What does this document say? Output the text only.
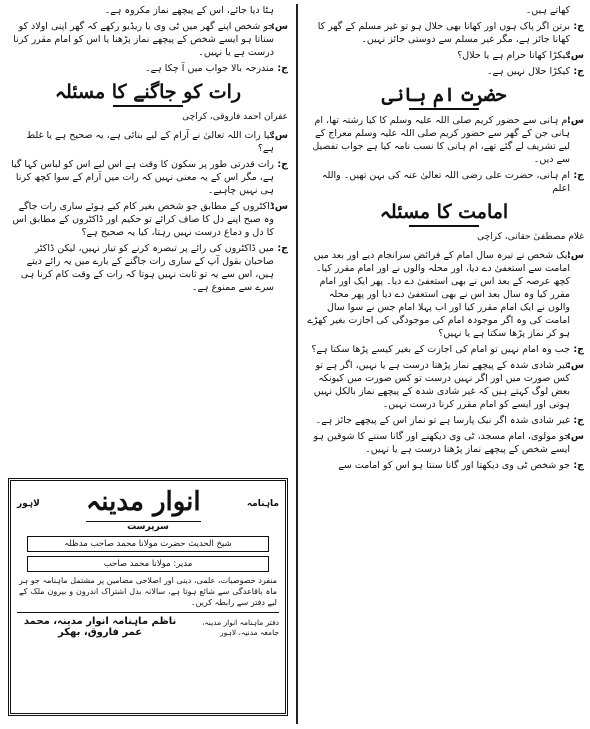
کھاتے ہیں۔
ج:
برتن اگر پاک ہوں اور کھانا بھی حلال ہو تو غیر مسلم کے گھر کا کھانا جائز ہے، مگر غیر مسلم سے دوستی جائز نہیں۔
س:
کیکڑا کھانا حرام ہے یا حلال؟
ج:
کیکڑا حلال نہیں ہے۔
حضرت ام ہانی
س:
ام ہانی سے حضور کریم صلی اللہ علیہ وسلم کا کیا رشتہ تھا، ام ہانی جن کے گھر سے حضور کریم صلی اللہ علیہ وسلم معراج کے لیے تشریف لے گئے تھے، ام ہانی کا نسب نامہ کیا ہے جواب تفصیل سے دیں۔
ج:
ام ہانی، حضرت علی رضی اللہ تعالیٰ عنہ کی بہن تھیں۔ واللہ اعلم
امامت کا مسئلہ
غلام مصطفیٰ حقانی، کراچی
س:
ایک شخص نے تیرہ سال امام کے فرائض سرانجام دیے اور بعد میں امامت سے استعفیٰ دے دیا، اور محلہ والوں نے اور امام مقرر کیا۔ کچھ عرصہ کے بعد اس نے بھی استعفیٰ دے دیا۔ پھر ایک اور امام مقرر کیا وہ سال بعد اس نے بھی استعفیٰ دے دیا اور پھر محلہ والوں نے ایک امام مقرر کیا اور اب پہلا امام جس نے سوا سال امامت کی وہ اگر موجودہ امام کی موجودگی کی اجازت بغیر کھڑے ہو کر نماز پڑھا سکتا ہے یا نہیں؟
ج:
جب وہ امام نہیں تو امام کی اجازت کے بغیر کیسے پڑھا سکتا ہے؟
س:
غیر شادی شدہ کے پیچھے نماز پڑھنا درست ہے یا نہیں، اگر ہے تو کس صورت میں اور اگر نہیں درست تو کس صورت میں کیونکہ بعض لوگ کہتے ہیں کہ غیر شادی شدہ کے پیچھے نماز بالکل نہیں ہوتی اور ایسے کو امام مقرر کرنا درست نہیں۔
ج:
غیر شادی شدہ اگر نیک پارسا ہے تو نماز اس کے پیچھے جائز ہے۔
س:
جو مولوی، امام مسجد، ٹی وی دیکھنے اور گانا سننے کا شوقین ہو ایسے شخص کے پیچھے نماز پڑھنا درست ہے یا نہیں۔
ج:
جو شخص ٹی وی دیکھتا اور گانا سنتا ہو اس کو امامت سے
ہٹا دیا جائے، اس کے پیچھے نماز مکروہ ہے۔
س:
جو شخص اپنے گھر میں ٹی وی یا ریڈیو رکھے کہ گھر اپنی اولاد کو سناتا ہو ایسے شخص کے پیچھے نماز پڑھنا یا اس کو امام مقرر کرنا درست ہے یا نہیں۔
ج:
مندرجہ بالا جواب میں آ چکا ہے۔
رات کو جاگنے کا مسئلہ
عفران احمد فاروقی، کراچی
س:
کیا رات اللہ تعالیٰ نے آرام کے لیے بنائی ہے، یہ صحیح ہے یا غلط ہے؟
ج:
رات قدرتی طور پر سکون کا وقت ہے اس لیے اس کو لباس کہا گیا ہے، مگر اس کے یہ معنی نہیں کہ رات میں آرام کے سوا کچھ کرنا ہی نہیں چاہیے۔
س:
ڈاکٹروں کے مطابق جو شخص بغیر کام کیے ہوئے ساری رات جاگے وہ صبح اپنے دل کا صاف کرائے تو حکیم اور ڈاکٹروں کے مطابق اس کا دل و دماغ درست نہیں رہتا، کیا یہ صحیح ہے؟
ج:
میں ڈاکٹروں کی رائے پر تبصرہ کرنے کو تیار نہیں، لیکن ڈاکٹر صاحبان بقول آپ کے ساری رات جاگنے کے بارے میں یہ رائے دیتے ہیں، اس سے یہ تو ثابت نہیں ہوتا کہ رات کے وقت کام کرنا ہی سرے سے ممنوع ہے۔
ماہنامہ
انوار مدینہ
لاہور
سرپرست
شیخ الحدیث حضرت مولانا محمد صاحب مدظلہ
مدیر: مولانا محمد صاحب
منفرد خصوصیات، علمی، دینی اور اصلاحی مضامین پر مشتمل ماہنامہ جو ہر ماہ باقاعدگی سے شائع ہوتا ہے، سالانہ بدل اشتراک اندرون و بیرون ملک کے لیے دفتر سے رابطہ کریں۔
دفتر ماہنامہ انوار مدینہ، جامعہ مدنیہ، لاہور
ناظم ماہنامہ انوار مدینہ، محمد عمر فاروق، بھکر
